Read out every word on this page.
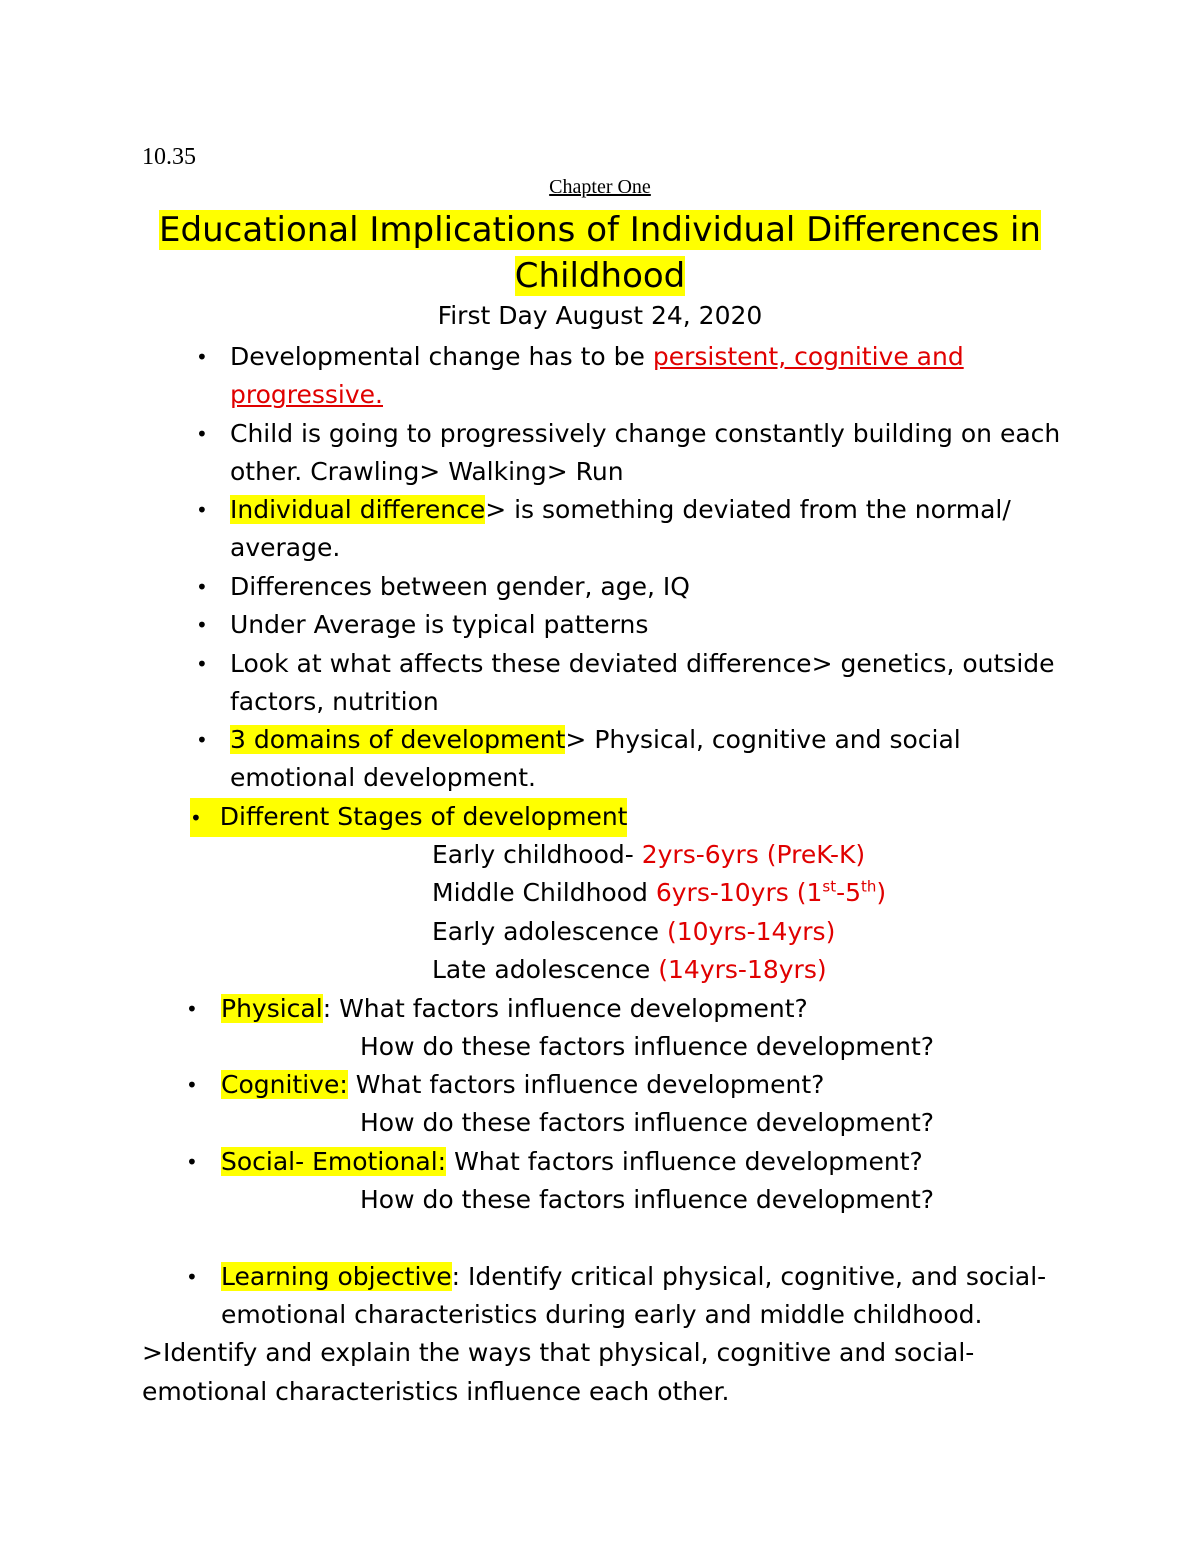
10.35
Chapter One
Educational Implications of Individual Differences in
Childhood
First Day August 24, 2020
• Developmental change has to be persistent, cognitive and
progressive.
• Child is going to progressively change constantly building on each
other. Crawling> Walking> Run
• Individual difference> is something deviated from the normal/
average.
• Differences between gender, age, IQ
• Under Average is typical patterns
• Look at what affects these deviated difference> genetics, outside
factors, nutrition
• 3 domains of development> Physical, cognitive and social
emotional development.
• Different Stages of development
Early childhood- 2yrs-6yrs (PreK-K)
Middle Childhood 6yrs-10yrs (1st-5th)
Early adolescence (10yrs-14yrs)
Late adolescence (14yrs-18yrs)
• Physical: What factors influence development?
How do these factors influence development?
• Cognitive: What factors influence development?
How do these factors influence development?
• Social- Emotional: What factors influence development?
How do these factors influence development?
• Learning objective: Identify critical physical, cognitive, and social-
emotional characteristics during early and middle childhood.
>Identify and explain the ways that physical, cognitive and social-
emotional characteristics influence each other.
